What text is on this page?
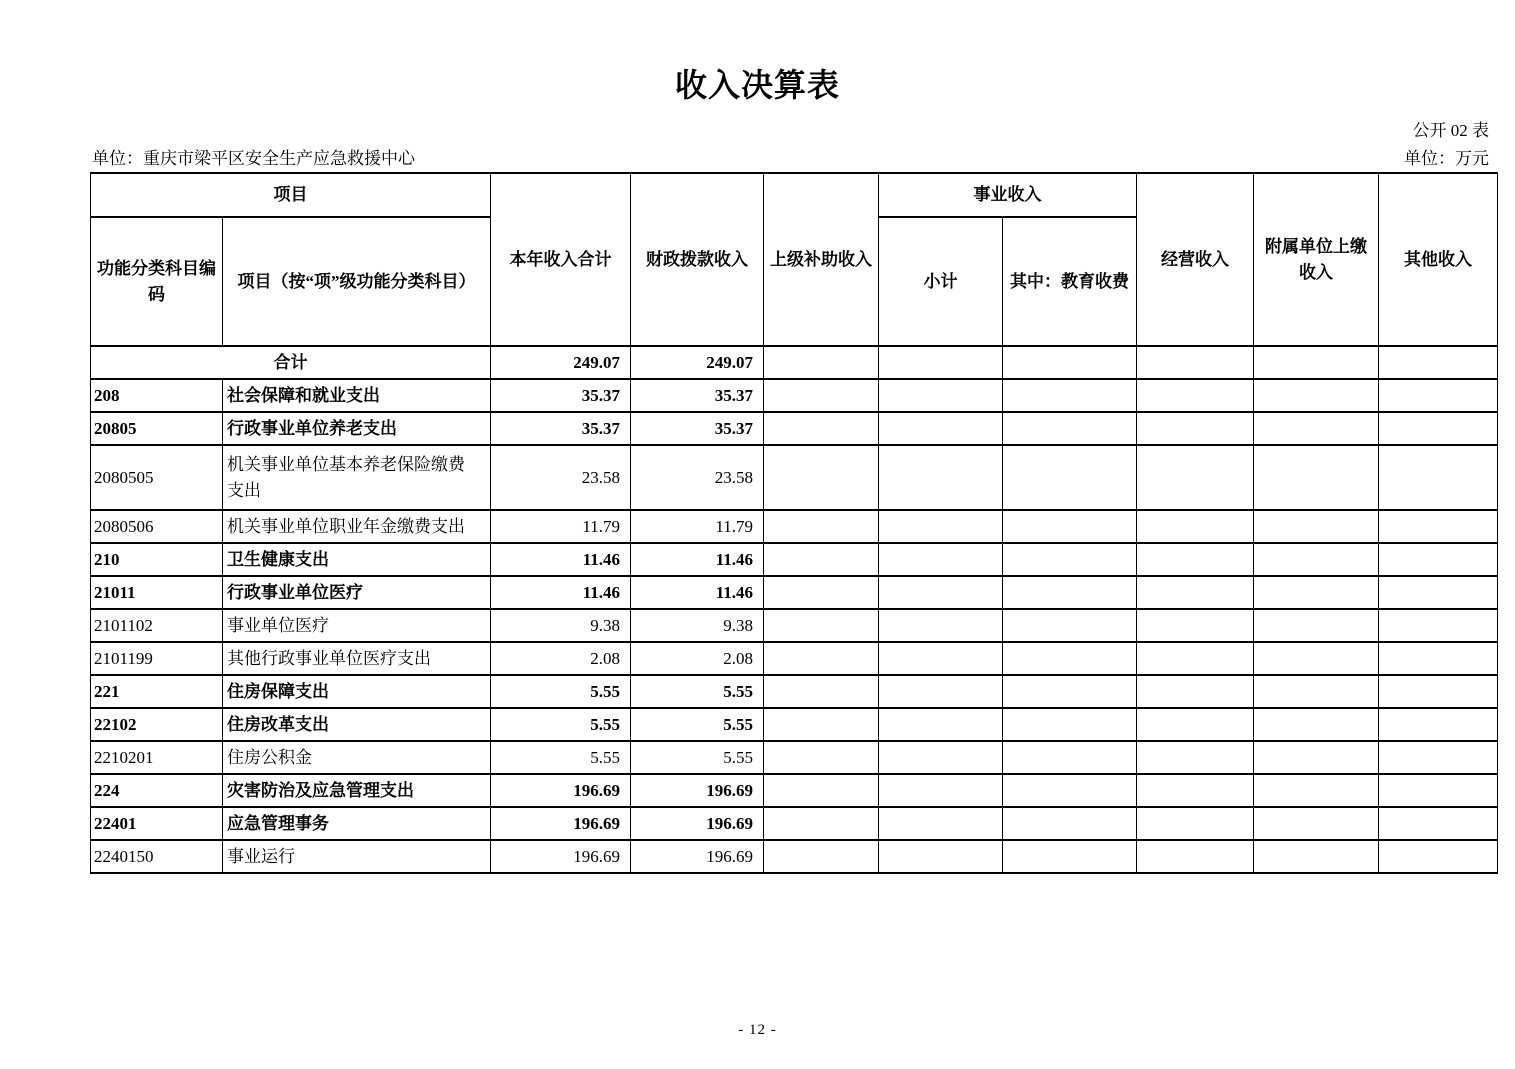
收入决算表
公开 02 表
单位：重庆市梁平区安全生产应急救援中心	单位：万元
项目		本年收入合计	财政拨款收入	上级补助收入	事业收入		经营收入	附属单位上缴收入	其他收入
功能分类科目编码	项目（按“项”级功能分类科目）				小计	其中：教育收费			
合计		249.07	249.07						
208	社会保障和就业支出	35.37	35.37						
20805	行政事业单位养老支出	35.37	35.37						
2080505	机关事业单位基本养老保险缴费支出	23.58	23.58						
2080506	机关事业单位职业年金缴费支出	11.79	11.79						
210	卫生健康支出	11.46	11.46						
21011	行政事业单位医疗	11.46	11.46						
2101102	事业单位医疗	9.38	9.38						
2101199	其他行政事业单位医疗支出	2.08	2.08						
221	住房保障支出	5.55	5.55						
22102	住房改革支出	5.55	5.55						
2210201	住房公积金	5.55	5.55						
224	灾害防治及应急管理支出	196.69	196.69						
22401	应急管理事务	196.69	196.69						
2240150	事业运行	196.69	196.69						
- 12 -
